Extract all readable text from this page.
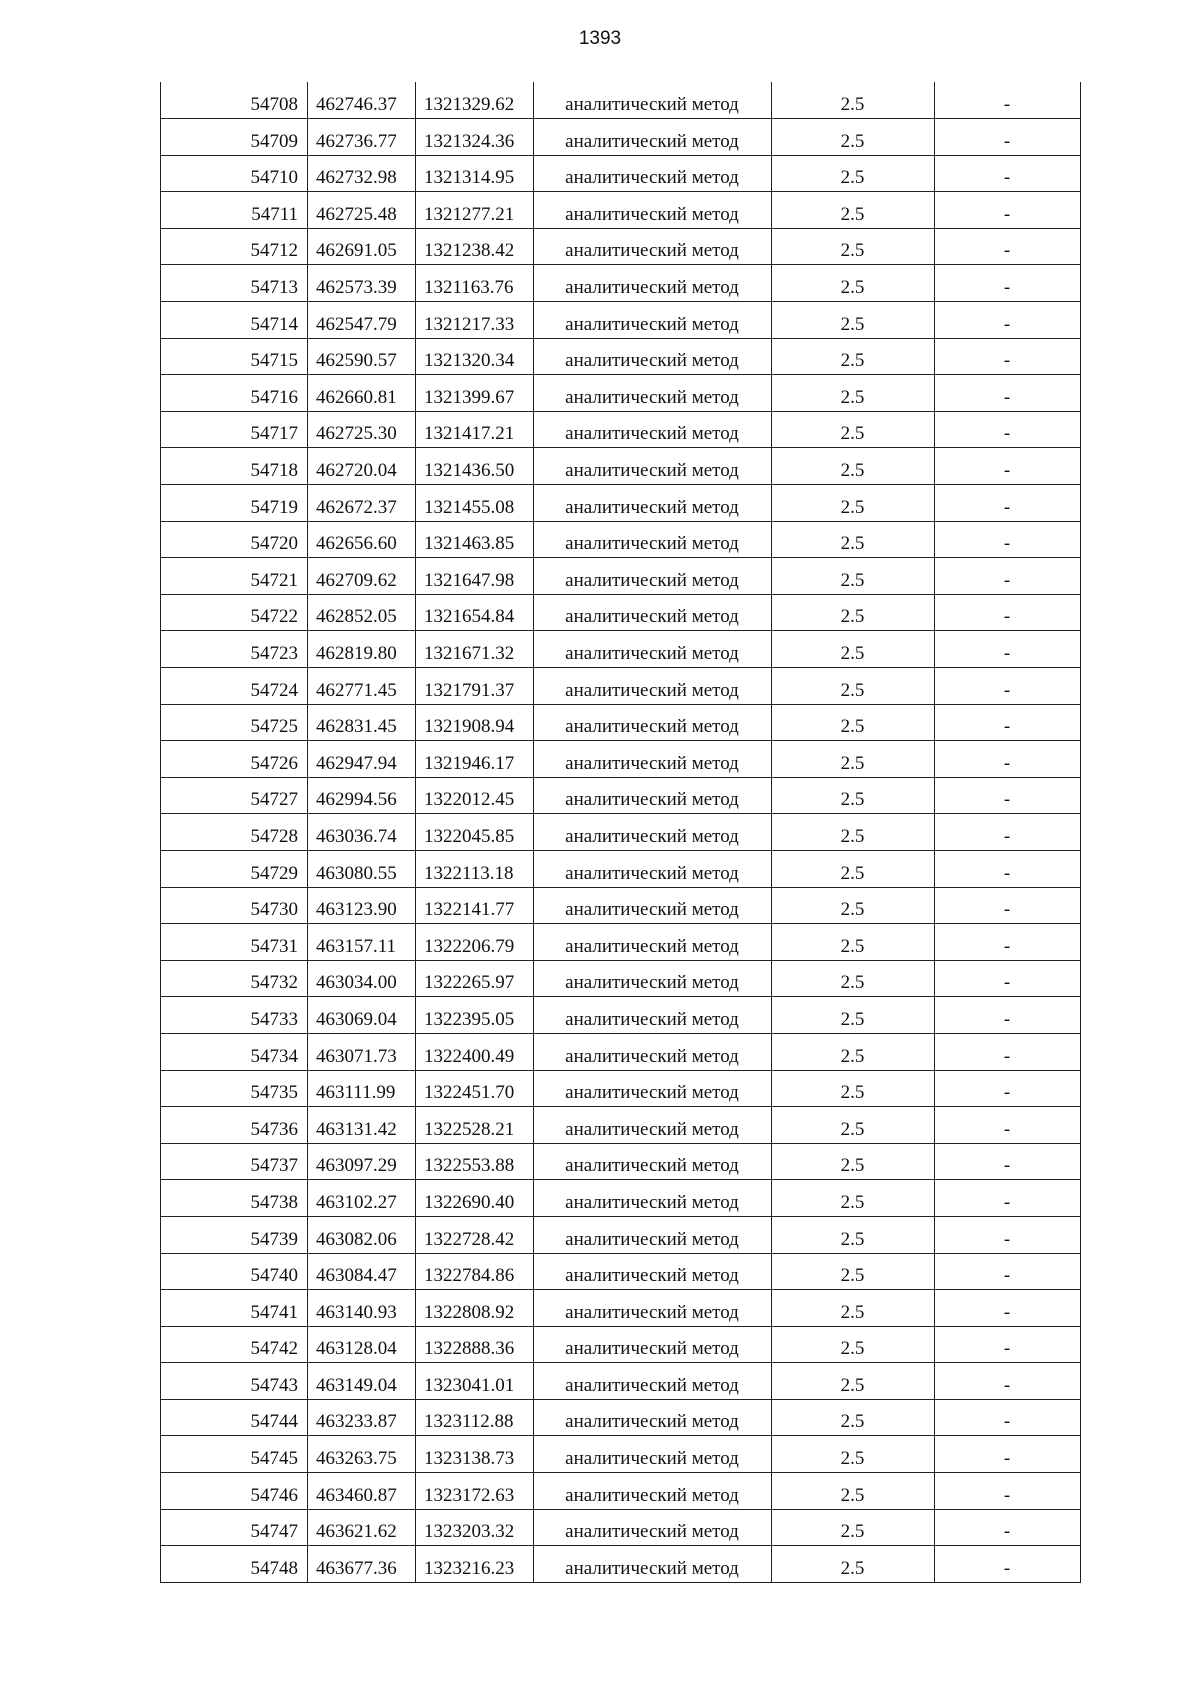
1393
54708	462746.37	1321329.62	аналитический метод	2.5	-
54709	462736.77	1321324.36	аналитический метод	2.5	-
54710	462732.98	1321314.95	аналитический метод	2.5	-
54711	462725.48	1321277.21	аналитический метод	2.5	-
54712	462691.05	1321238.42	аналитический метод	2.5	-
54713	462573.39	1321163.76	аналитический метод	2.5	-
54714	462547.79	1321217.33	аналитический метод	2.5	-
54715	462590.57	1321320.34	аналитический метод	2.5	-
54716	462660.81	1321399.67	аналитический метод	2.5	-
54717	462725.30	1321417.21	аналитический метод	2.5	-
54718	462720.04	1321436.50	аналитический метод	2.5	-
54719	462672.37	1321455.08	аналитический метод	2.5	-
54720	462656.60	1321463.85	аналитический метод	2.5	-
54721	462709.62	1321647.98	аналитический метод	2.5	-
54722	462852.05	1321654.84	аналитический метод	2.5	-
54723	462819.80	1321671.32	аналитический метод	2.5	-
54724	462771.45	1321791.37	аналитический метод	2.5	-
54725	462831.45	1321908.94	аналитический метод	2.5	-
54726	462947.94	1321946.17	аналитический метод	2.5	-
54727	462994.56	1322012.45	аналитический метод	2.5	-
54728	463036.74	1322045.85	аналитический метод	2.5	-
54729	463080.55	1322113.18	аналитический метод	2.5	-
54730	463123.90	1322141.77	аналитический метод	2.5	-
54731	463157.11	1322206.79	аналитический метод	2.5	-
54732	463034.00	1322265.97	аналитический метод	2.5	-
54733	463069.04	1322395.05	аналитический метод	2.5	-
54734	463071.73	1322400.49	аналитический метод	2.5	-
54735	463111.99	1322451.70	аналитический метод	2.5	-
54736	463131.42	1322528.21	аналитический метод	2.5	-
54737	463097.29	1322553.88	аналитический метод	2.5	-
54738	463102.27	1322690.40	аналитический метод	2.5	-
54739	463082.06	1322728.42	аналитический метод	2.5	-
54740	463084.47	1322784.86	аналитический метод	2.5	-
54741	463140.93	1322808.92	аналитический метод	2.5	-
54742	463128.04	1322888.36	аналитический метод	2.5	-
54743	463149.04	1323041.01	аналитический метод	2.5	-
54744	463233.87	1323112.88	аналитический метод	2.5	-
54745	463263.75	1323138.73	аналитический метод	2.5	-
54746	463460.87	1323172.63	аналитический метод	2.5	-
54747	463621.62	1323203.32	аналитический метод	2.5	-
54748	463677.36	1323216.23	аналитический метод	2.5	-
